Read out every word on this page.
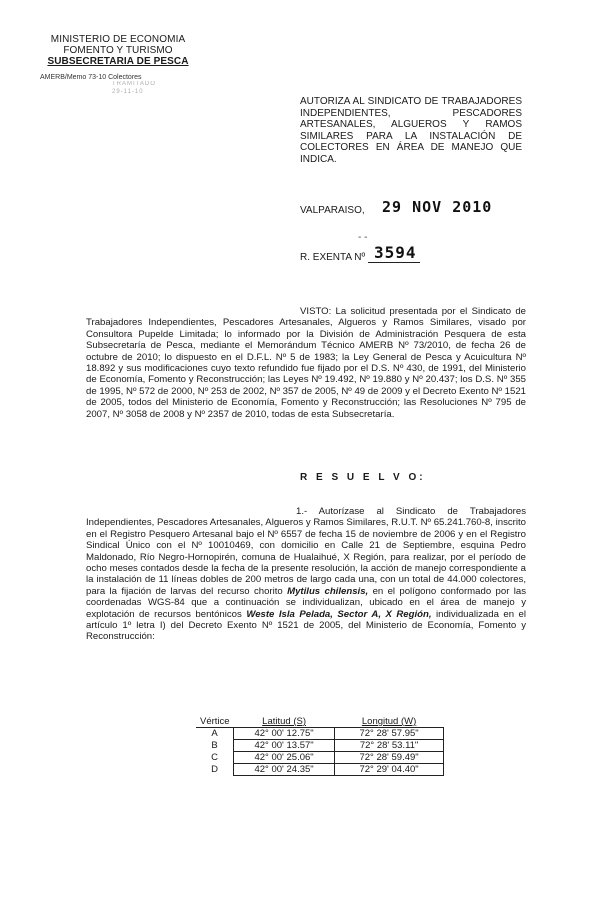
MINISTERIO DE ECONOMIA
FOMENTO Y TURISMO
SUBSECRETARIA DE PESCA
AMERB/Memo 73-10 Colectores
TRAMITADO
29-11-10
AUTORIZA AL SINDICATO DE TRABAJADORES INDEPENDIENTES, PESCADORES ARTESANALES, ALGUEROS Y RAMOS SIMILARES PARA LA INSTALACIÓN DE COLECTORES EN ÁREA DE MANEJO QUE INDICA.
VALPARAISO, 29 NOV 2010
- -
R. EXENTA Nº 3594
VISTO: La solicitud presentada por el Sindicato de Trabajadores Independientes, Pescadores Artesanales, Algueros y Ramos Similares, visado por Consultora Pupelde Limitada; lo informado por la División de Administración Pesquera de esta Subsecretaría de Pesca, mediante el Memorándum Técnico AMERB Nº 73/2010, de fecha 26 de octubre de 2010; lo dispuesto en el D.F.L. Nº 5 de 1983; la Ley General de Pesca y Acuicultura Nº 18.892 y sus modificaciones cuyo texto refundido fue fijado por el D.S. Nº 430, de 1991, del Ministerio de Economía, Fomento y Reconstrucción; las Leyes Nº 19.492, Nº 19.880 y Nº 20.437; los D.S. Nº 355 de 1995, Nº 572 de 2000, Nº 253 de 2002, Nº 357 de 2005, Nº 49 de 2009 y el Decreto Exento Nº 1521 de 2005, todos del Ministerio de Economía, Fomento y Reconstrucción; las Resoluciones Nº 795 de 2007, Nº 3058 de 2008 y Nº 2357 de 2010, todas de esta Subsecretaría.
R E S U E L V O:
1.- Autorízase al Sindicato de Trabajadores Independientes, Pescadores Artesanales, Algueros y Ramos Similares, R.U.T. Nº 65.241.760-8, inscrito en el Registro Pesquero Artesanal bajo el Nº 6557 de fecha 15 de noviembre de 2006 y en el Registro Sindical Único con el Nº 10010469, con domicilio en Calle 21 de Septiembre, esquina Pedro Maldonado, Río Negro-Hornopirén, comuna de Hualaihué, X Región, para realizar, por el período de ocho meses contados desde la fecha de la presente resolución, la acción de manejo correspondiente a la instalación de 11 líneas dobles de 200 metros de largo cada una, con un total de 44.000 colectores, para la fijación de larvas del recurso chorito Mytilus chilensis, en el polígono conformado por las coordenadas WGS-84 que a continuación se individualizan, ubicado en el área de manejo y explotación de recursos bentónicos Weste Isla Pelada, Sector A, X Región, individualizada en el artículo 1º letra I) del Decreto Exento Nº 1521 de 2005, del Ministerio de Economía, Fomento y Reconstrucción:
Vértice	Latitud (S)	Longitud (W)
A	42° 00' 12.75"	72° 28' 57.95"
B	42° 00' 13.57"	72° 28' 53.11"
C	42° 00' 25.06"	72° 28' 59.49"
D	42° 00' 24.35"	72° 29' 04.40"
